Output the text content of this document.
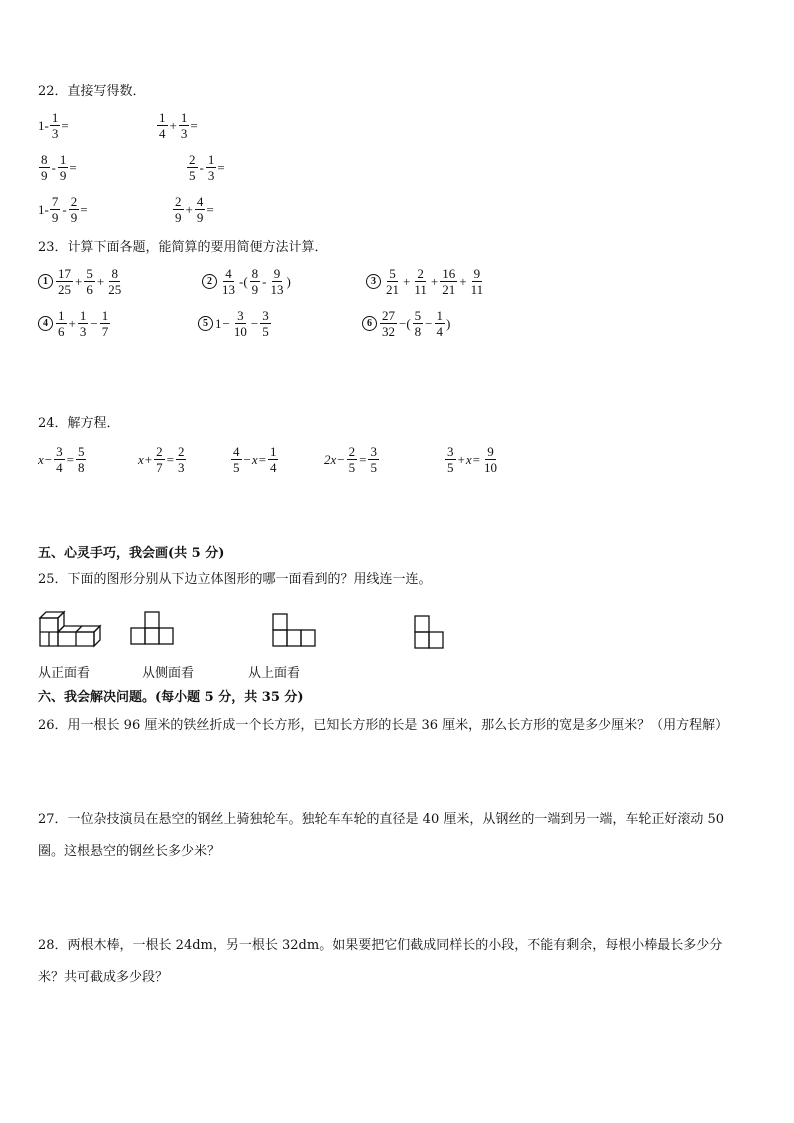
22．直接写得数．
$1- \frac{1}{3}$ =	$\frac{1}{4} + \frac{1}{3}$ =
$\frac{8}{9} - \frac{1}{9}$ =	$\frac{2}{5} - \frac{1}{3}$ =
$1- \frac{7}{9} - \frac{2}{9}$ =	$\frac{2}{9} + \frac{4}{9}$ =
23．计算下面各题，能简算的要用简便方法计算．
$1 \frac{17}{25} + \frac{5}{6} + \frac{8}{25}$	$2 \frac{4}{13}$ -( $\frac{8}{9} - \frac{9}{13}$ )	$3 \frac{5}{21} + \frac{2}{11} + \frac{16}{21} + \frac{9}{11}$
$4 \frac{1}{6} + \frac{1}{3} - \frac{1}{7}$	5 $1 - \frac{3}{10} - \frac{3}{5}$	$6 \frac{27}{32}$ −( $\frac{5}{8} - \frac{1}{4}$ )
24．解方程．
$x - \frac{3}{4} = \frac{5}{8}$	$x + \frac{2}{7} = \frac{2}{3}$	$\frac{4}{5} - x = \frac{1}{4}$	$2x - \frac{2}{5} = \frac{3}{5}$	$\frac{3}{5} + x = \frac{9}{10}$
五、心灵手巧，我会画(共 5 分)
25．下面的图形分别从下边立体图形的哪一面看到的？用线连一连。
从正面看	从侧面看	从上面看
六、我会解决问题。(每小题 5 分，共 35 分)
26．用一根长 96 厘米的铁丝折成一个长方形，已知长方形的长是 36 厘米，那么长方形的宽是多少厘米？（用方程解）
27．一位杂技演员在悬空的钢丝上骑独轮车。独轮车车轮的直径是 40 厘米，从钢丝的一端到另一端，车轮正好滚动 50
圈。这根悬空的钢丝长多少米？
28．两根木棒，一根长 24dm，另一根长 32dm。如果要把它们截成同样长的小段，不能有剩余，每根小棒最长多少分
米？共可截成多少段？
